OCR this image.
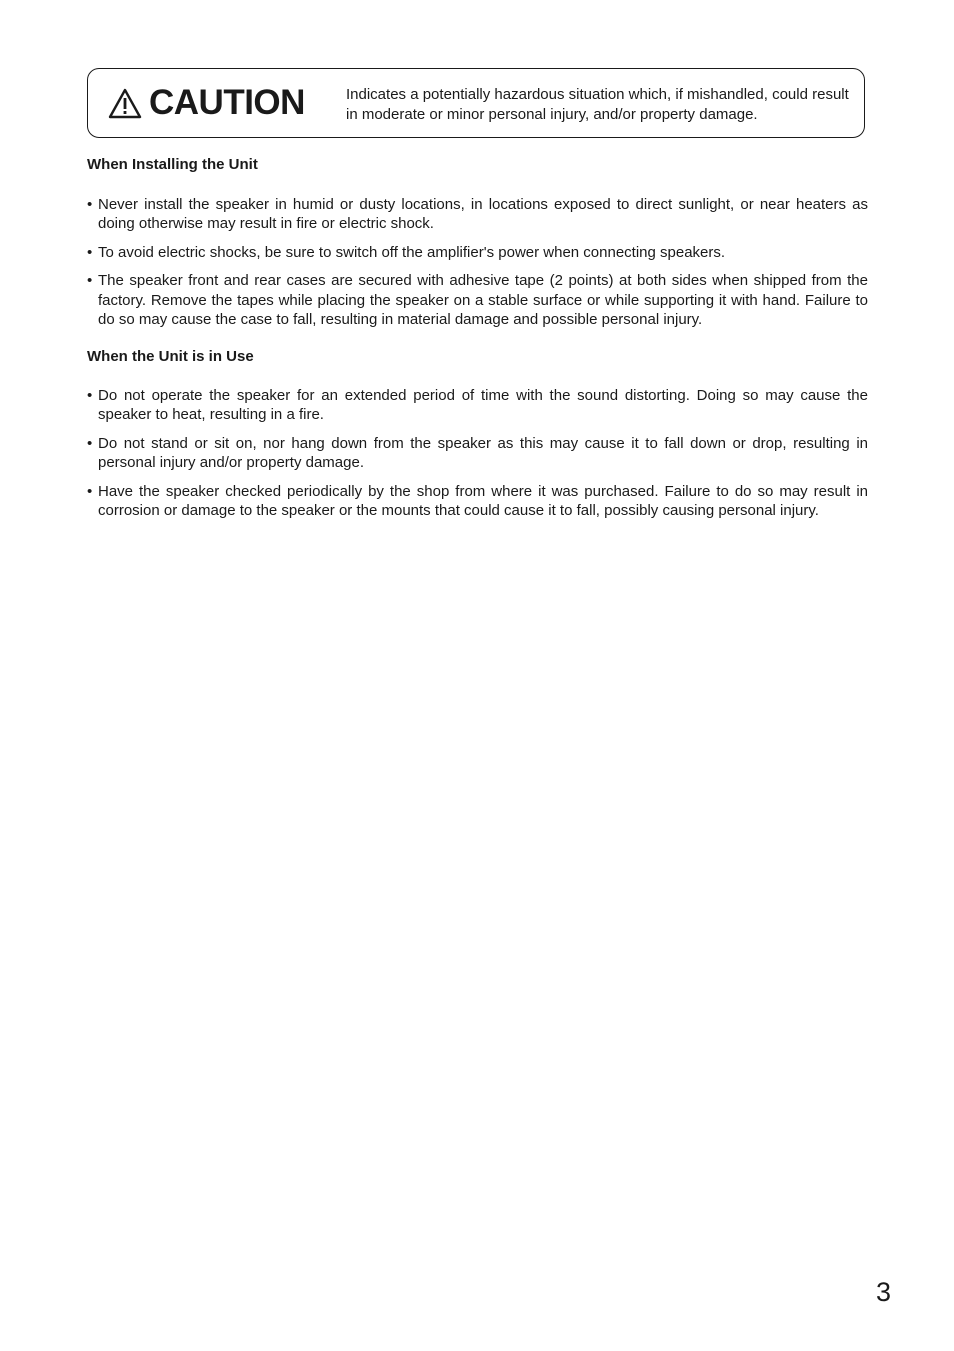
CAUTION	Indicates a potentially hazardous situation which, if mishandled, could result in moderate or minor personal injury, and/or property damage.
When Installing the Unit
• Never install the speaker in humid or dusty locations, in locations exposed to direct sunlight, or near heaters as doing otherwise may result in fire or electric shock.
• To avoid electric shocks, be sure to switch off the amplifier's power when connecting speakers.
• The speaker front and rear cases are secured with adhesive tape (2 points) at both sides when shipped from the factory. Remove the tapes while placing the speaker on a stable surface or while supporting it with hand. Failure to do so may cause the case to fall, resulting in material damage and possible personal injury.
When the Unit is in Use
• Do not operate the speaker for an extended period of time with the sound distorting. Doing so may cause the speaker to heat, resulting in a fire.
• Do not stand or sit on, nor hang down from the speaker as this may cause it to fall down or drop, resulting in personal injury and/or property damage.
• Have the speaker checked periodically by the shop from where it was purchased. Failure to do so may result in corrosion or damage to the speaker or the mounts that could cause it to fall, possibly causing personal injury.
3
